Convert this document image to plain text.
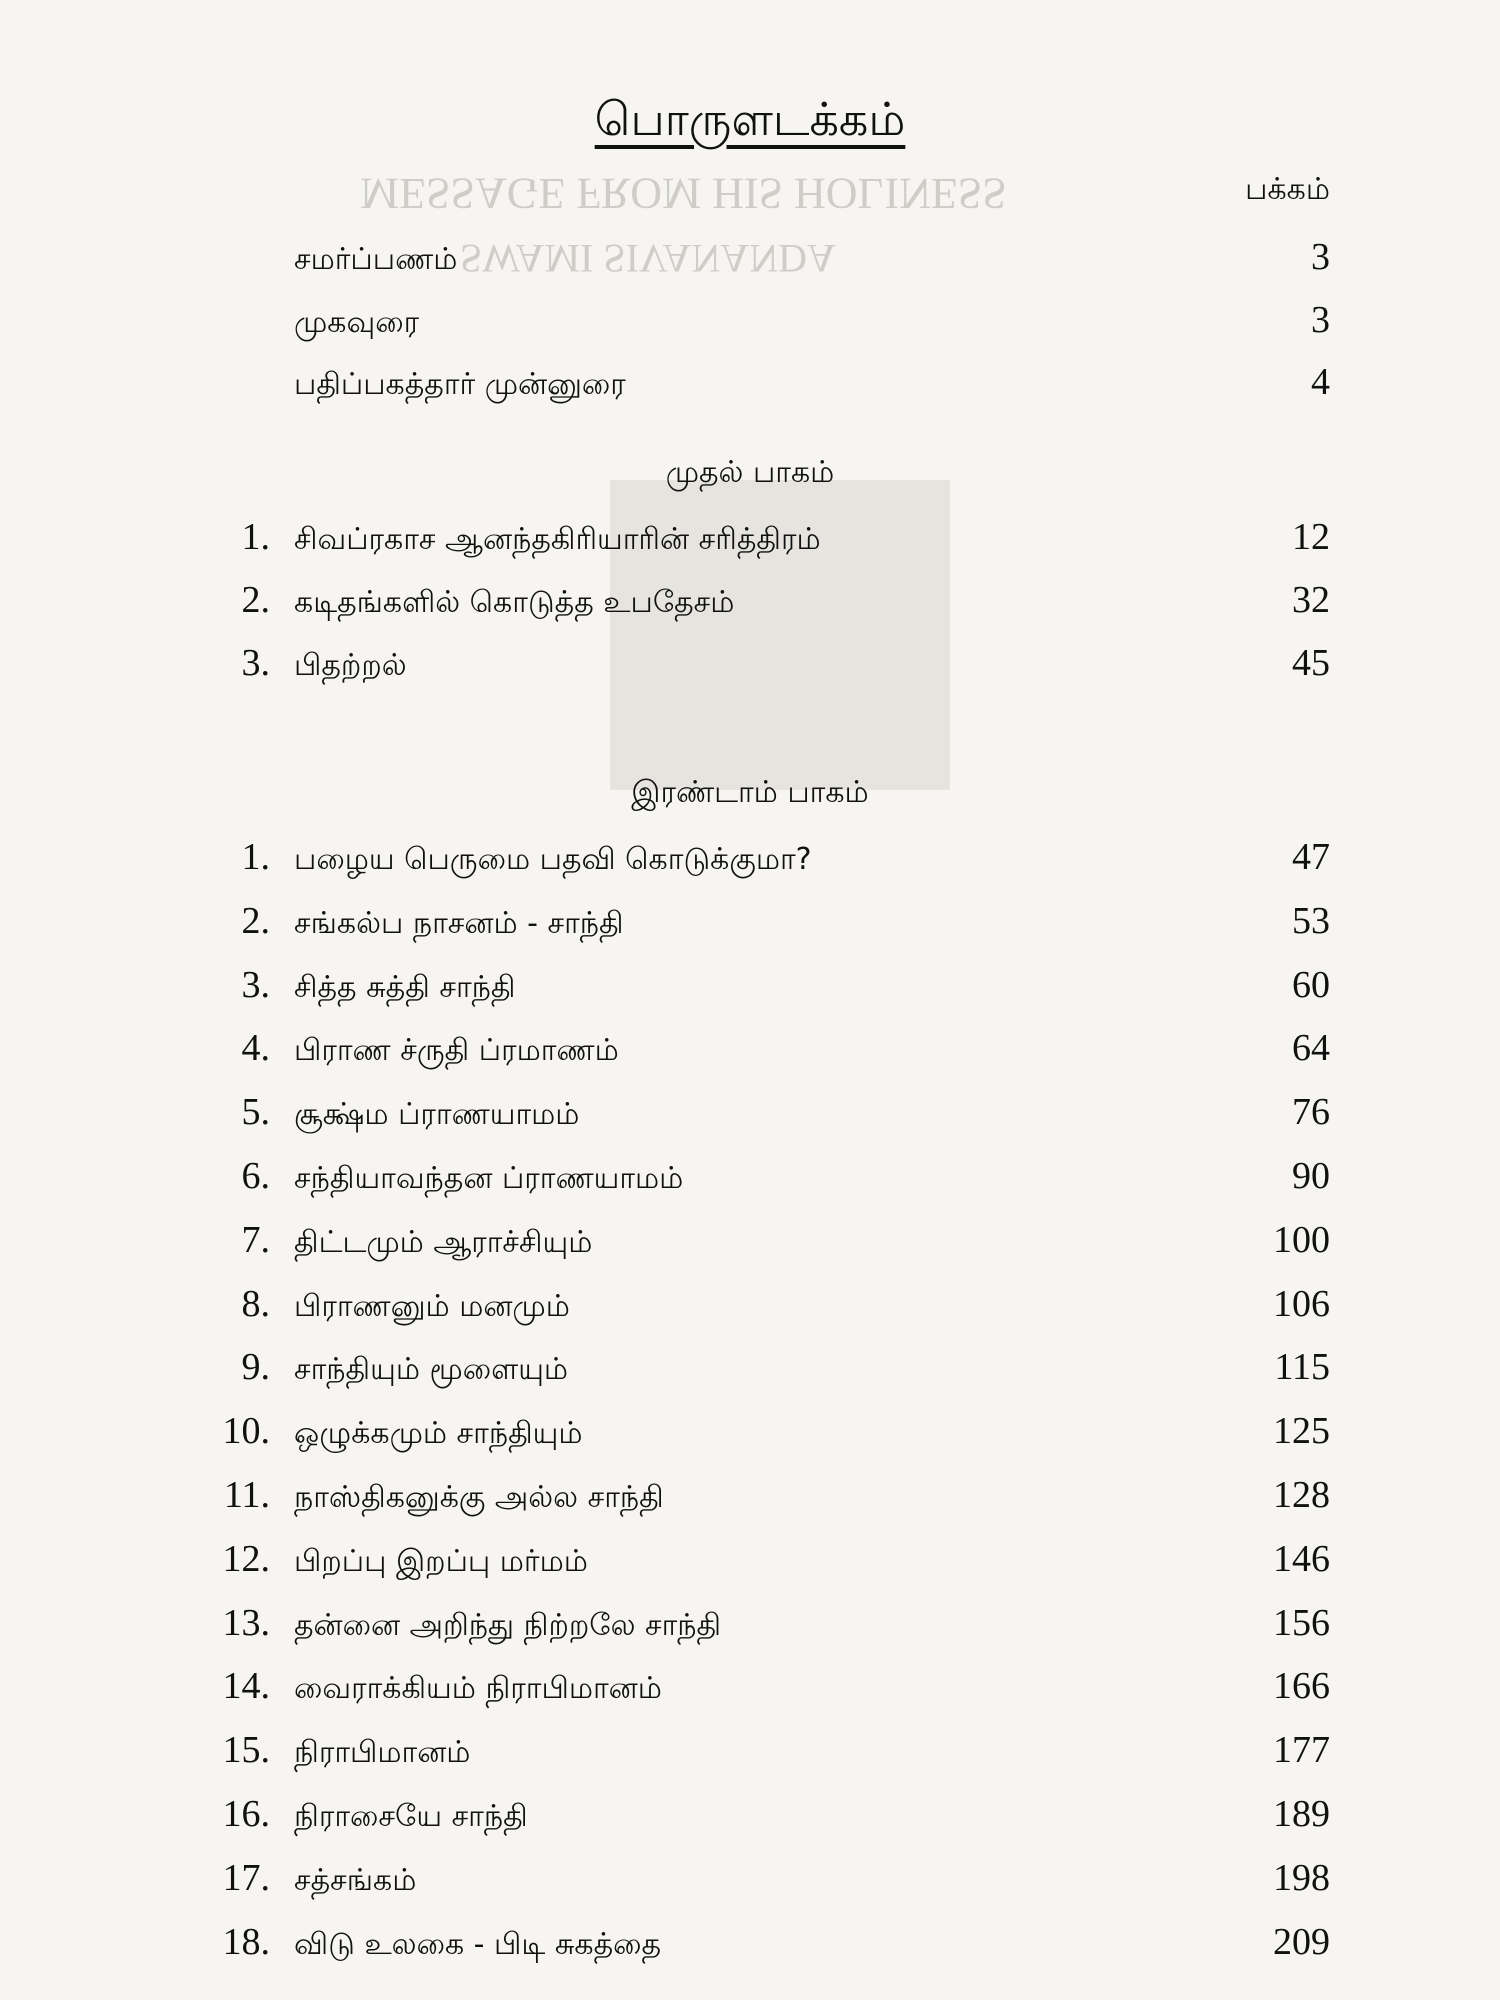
MESSAGE FROM HIS HOLINESS
SWAMI SIVANANDA
பொருளடக்கம்
பக்கம்
சமர்ப்பணம்	3
முகவுரை	3
பதிப்பகத்தார் முன்னுரை	4
முதல் பாகம்
1. சிவப்ரகாச ஆனந்தகிரியாரின் சரித்திரம்	12
2. கடிதங்களில் கொடுத்த உபதேசம்	32
3. பிதற்றல்	45
இரண்டாம் பாகம்
1. பழைய பெருமை பதவி கொடுக்குமா?	47
2. சங்கல்ப நாசனம் - சாந்தி	53
3. சித்த சுத்தி சாந்தி	60
4. பிராண ச்ருதி ப்ரமாணம்	64
5. சூக்ஷ்ம ப்ராணயாமம்	76
6. சந்தியாவந்தன ப்ராணயாமம்	90
7. திட்டமும் ஆராச்சியும்	100
8. பிராணனும் மனமும்	106
9. சாந்தியும் மூளையும்	115
10. ஒழுக்கமும் சாந்தியும்	125
11. நாஸ்திகனுக்கு அல்ல சாந்தி	128
12. பிறப்பு இறப்பு மர்மம்	146
13. தன்னை அறிந்து நிற்றலே சாந்தி	156
14. வைராக்கியம் நிராபிமானம்	166
15. நிராபிமானம்	177
16. நிராசையே சாந்தி	189
17. சத்சங்கம்	198
18. விடு உலகை - பிடி சுகத்தை	209
